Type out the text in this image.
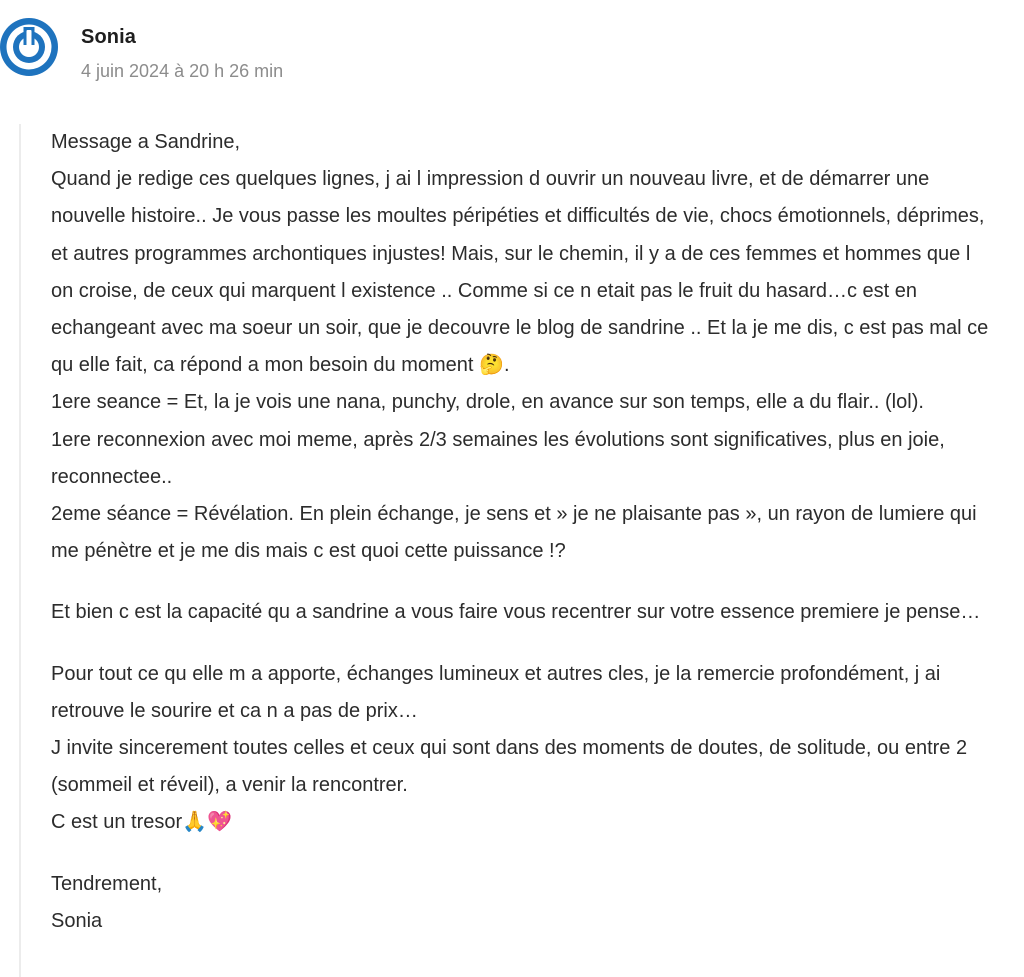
Sonia
4 juin 2024 à 20 h 26 min

Message a Sandrine,
Quand je redige ces quelques lignes, j ai l impression d ouvrir un nouveau livre, et de démarrer une nouvelle histoire.. Je vous passe les moultes péripéties et difficultés de vie, chocs émotionnels, déprimes, et autres programmes archontiques injustes! Mais, sur le chemin, il y a de ces femmes et hommes que l on croise, de ceux qui marquent l existence .. Comme si ce n etait pas le fruit du hasard…c est en echangeant avec ma soeur un soir, que je decouvre le blog de sandrine .. Et la je me dis, c est pas mal ce qu elle fait, ca répond a mon besoin du moment 🤔.
1ere seance = Et, la je vois une nana, punchy, drole, en avance sur son temps, elle a du flair.. (lol).
1ere reconnexion avec moi meme, après 2/3 semaines les évolutions sont significatives, plus en joie, reconnectee..
2eme séance = Révélation. En plein échange, je sens et » je ne plaisante pas », un rayon de lumiere qui me pénètre et je me dis mais c est quoi cette puissance !?

Et bien c est la capacité qu a sandrine a vous faire vous recentrer sur votre essence premiere je pense…

Pour tout ce qu elle m a apporte, échanges lumineux et autres cles, je la remercie profondément, j ai retrouve le sourire et ca n a pas de prix…
J invite sincerement toutes celles et ceux qui sont dans des moments de doutes, de solitude, ou entre 2 (sommeil et réveil), a venir la rencontrer.
C est un tresor🙏💖

Tendrement,
Sonia
